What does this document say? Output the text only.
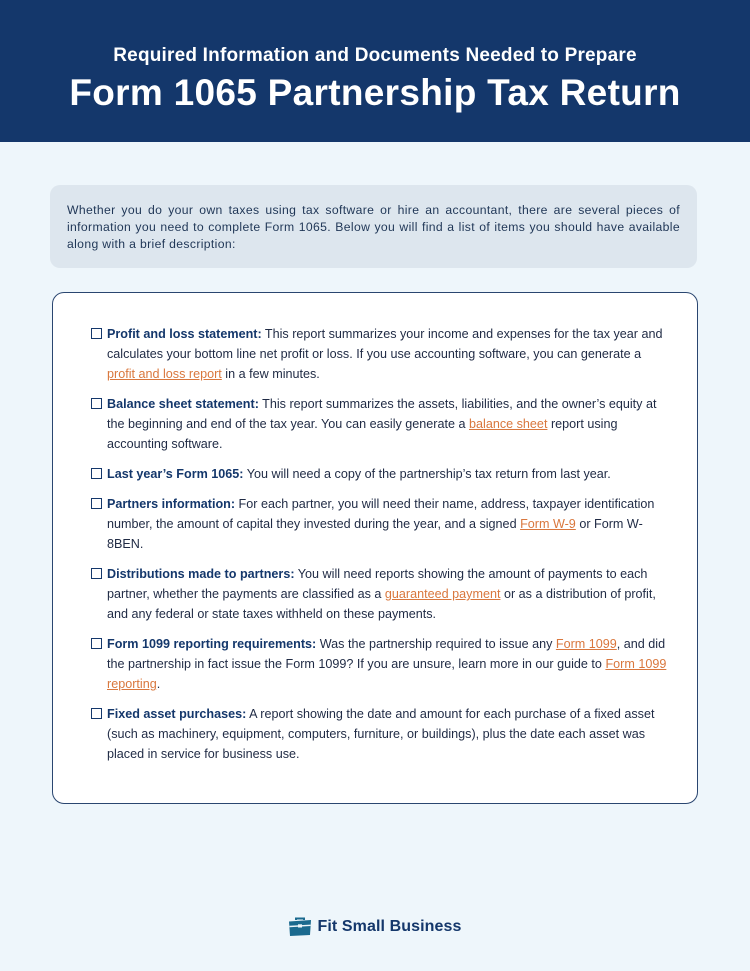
Required Information and Documents Needed to Prepare
Form 1065 Partnership Tax Return
Whether you do your own taxes using tax software or hire an accountant, there are several pieces of information you need to complete Form 1065. Below you will find a list of items you should have available along with a brief description:
Profit and loss statement: This report summarizes your income and expenses for the tax year and calculates your bottom line net profit or loss. If you use accounting software, you can generate a profit and loss report in a few minutes.
Balance sheet statement: This report summarizes the assets, liabilities, and the owner’s equity at the beginning and end of the tax year. You can easily generate a balance sheet report using accounting software.
Last year’s Form 1065: You will need a copy of the partnership’s tax return from last year.
Partners information: For each partner, you will need their name, address, taxpayer identification number, the amount of capital they invested during the year, and a signed Form W-9 or Form W-8BEN.
Distributions made to partners: You will need reports showing the amount of payments to each partner, whether the payments are classified as a guaranteed payment or as a distribution of profit, and any federal or state taxes withheld on these payments.
Form 1099 reporting requirements: Was the partnership required to issue any Form 1099, and did the partnership in fact issue the Form 1099? If you are unsure, learn more in our guide to Form 1099 reporting.
Fixed asset purchases: A report showing the date and amount for each purchase of a fixed asset (such as machinery, equipment, computers, furniture, or buildings), plus the date each asset was placed in service for business use.
Fit Small Business
